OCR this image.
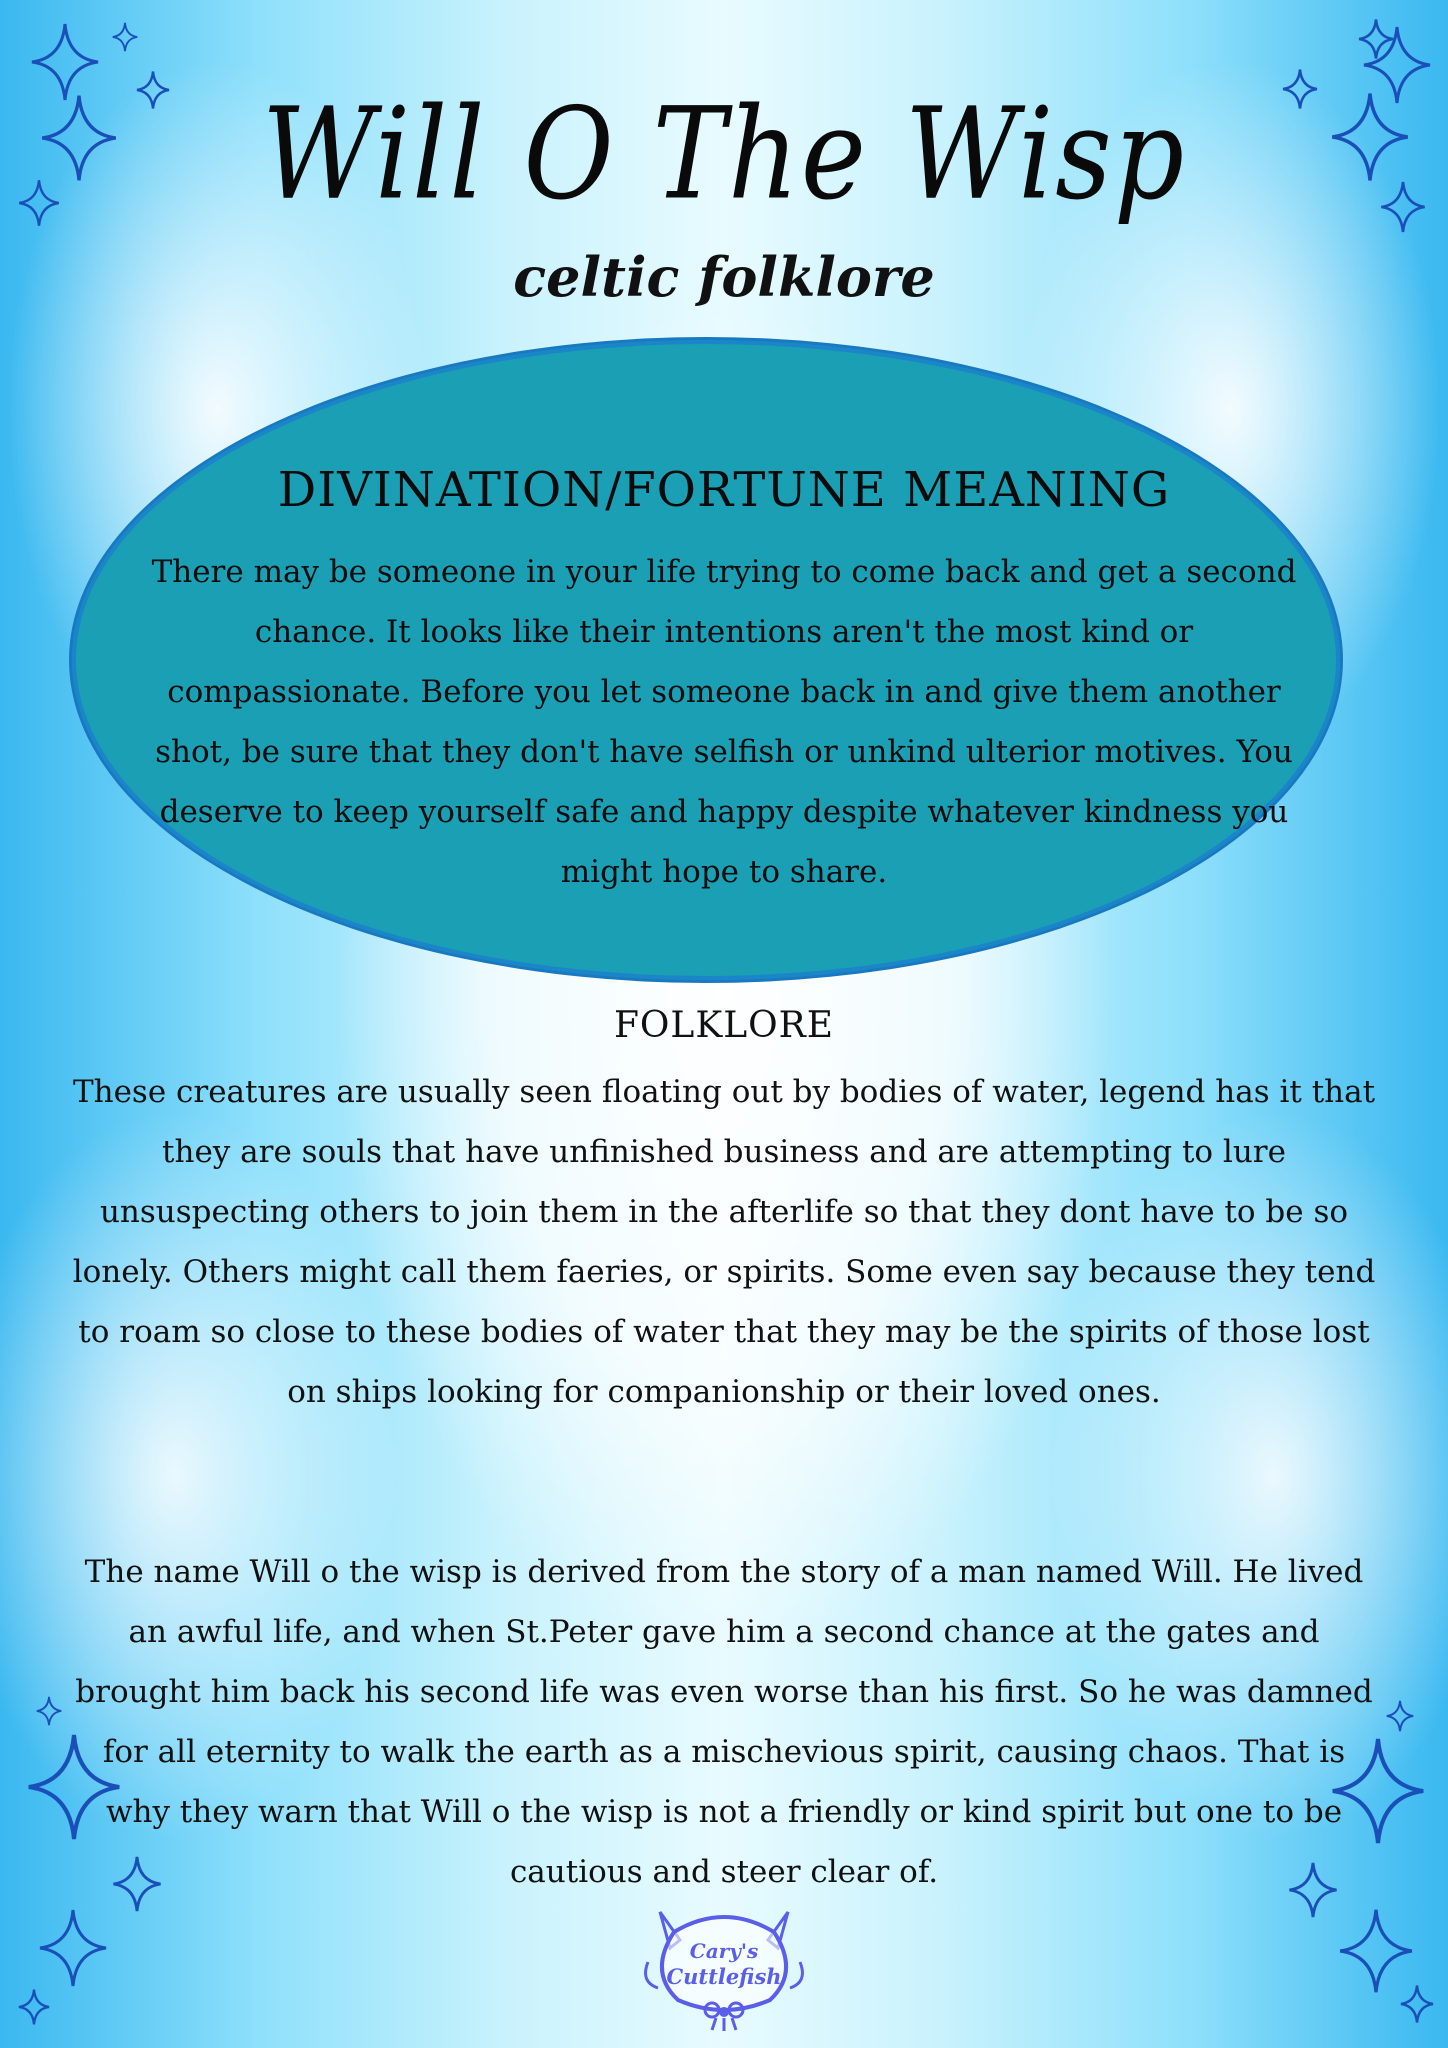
Will O The Wisp
celtic folklore
DIVINATION/FORTUNE MEANING
There may be someone in your life trying to come back and get a second chance. It looks like their intentions aren't the most kind or compassionate. Before you let someone back in and give them another shot, be sure that they don't have selfish or unkind ulterior motives. You deserve to keep yourself safe and happy despite whatever kindness you might hope to share.
FOLKLORE
These creatures are usually seen floating out by bodies of water, legend has it that they are souls that have unfinished business and are attempting to lure unsuspecting others to join them in the afterlife so that they dont have to be so lonely. Others might call them faeries, or spirits. Some even say because they tend to roam so close to these bodies of water that they may be the spirits of those lost on ships looking for companionship or their loved ones.
The name Will o the wisp is derived from the story of a man named Will. He lived an awful life, and when St.Peter gave him a second chance at the gates and brought him back his second life was even worse than his first. So he was damned for all eternity to walk the earth as a mischevious spirit, causing chaos. That is why they warn that Will o the wisp is not a friendly or kind spirit but one to be cautious and steer clear of.
Cary's
Cuttlefish
